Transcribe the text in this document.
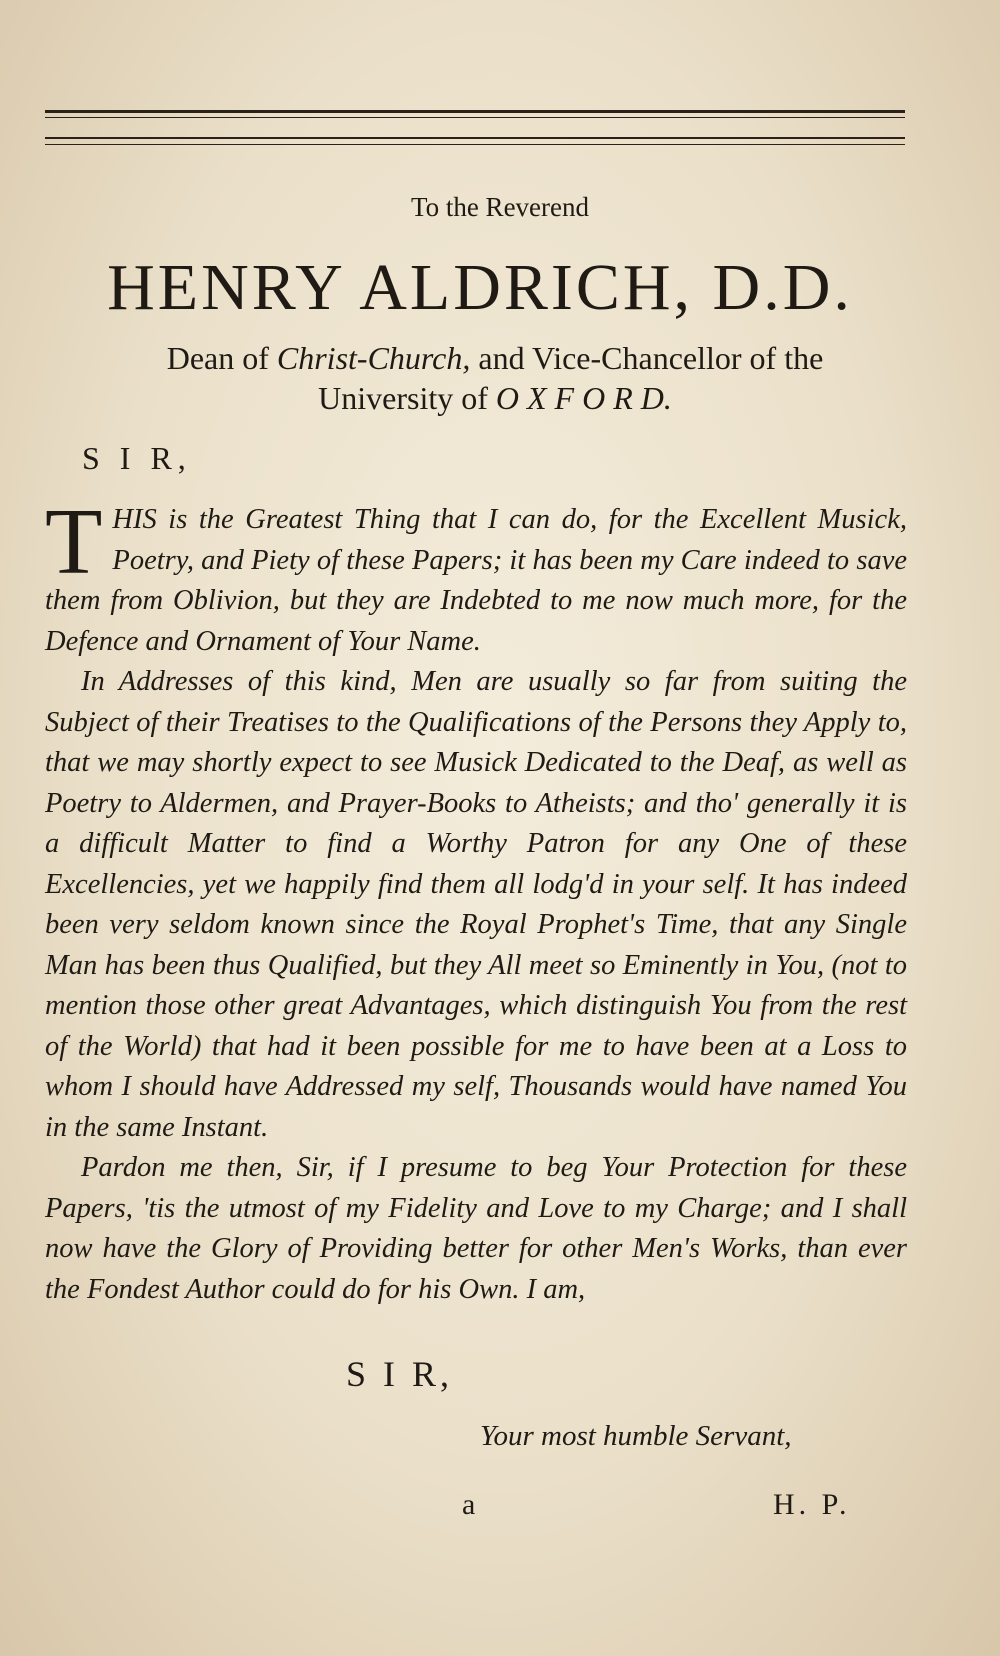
To the Reverend
HENRY ALDRICH, D.D.
Dean of Christ-Church, and Vice-Chancellor of the
University of O X F O R D.
S I R,

THIS is the Greatest Thing that I can do, for the Excellent Musick, Poetry, and Piety of these Papers; it has been my Care indeed to save them from Oblivion, but they are Indebted to me now much more, for the Defence and Ornament of Your Name.

In Addresses of this kind, Men are usually so far from suiting the Subject of their Treatises to the Qualifications of the Persons they Apply to, that we may shortly expect to see Musick Dedicated to the Deaf, as well as Poetry to Aldermen, and Prayer-Books to Atheists; and tho' generally it is a difficult Matter to find a Worthy Patron for any One of these Excellencies, yet we happily find them all lodg'd in your self. It has indeed been very seldom known since the Royal Prophet's Time, that any Single Man has been thus Qualified, but they All meet so Eminently in You, (not to mention those other great Advantages, which distinguish You from the rest of the World) that had it been possible for me to have been at a Loss to whom I should have Addressed my self, Thousands would have named You in the same Instant.

Pardon me then, Sir, if I presume to beg Your Protection for these Papers, 'tis the utmost of my Fidelity and Love to my Charge; and I shall now have the Glory of Providing better for other Men's Works, than ever the Fondest Author could do for his Own. I am,

S I R,
Your most humble Servant,
a	H. P.
